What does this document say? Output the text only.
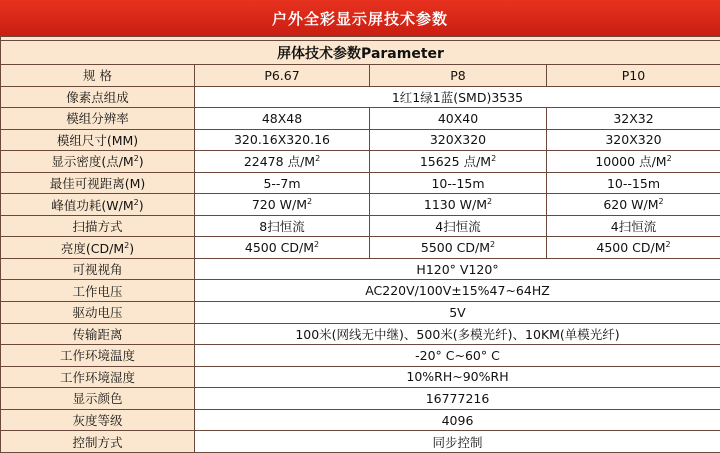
户外全彩显示屏技术参数

屏体技术参数Parameter			
规 格	P6.67	P8	P10
像素点组成	1红1绿1蓝(SMD)3535		
模组分辨率	48X48	40X40	32X32
模组尺寸(MM)	320.16X320.16	320X320	320X320
显示密度(点$/M^2$)	22478 点$/M^2$	15625 点$/M^2$	10000 点$/M^2$
最佳可视距离(M)	5--7m	10--15m	10--15m
峰值功耗$(W/M^2)$	720 $W/M^2$	1130 $W/M^2$	620 $W/M^2$
扫描方式	8扫恒流	4扫恒流	4扫恒流
亮度$(CD/M^2)$	4500 $CD/M^2$	5500 $CD/M^2$	4500 $CD/M^2$
可视视角	H120° V120°		
工作电压	AC220V/100V±15%47~64HZ		
驱动电压	5V		
传输距离	100米(网线无中继)、500米(多模光纤)、10KM(单模光纤)		
工作环境温度	-20° C~60° C		
工作环境湿度	10%RH~90%RH		
显示颜色	16777216		
灰度等级	4096		
控制方式	同步控制		
